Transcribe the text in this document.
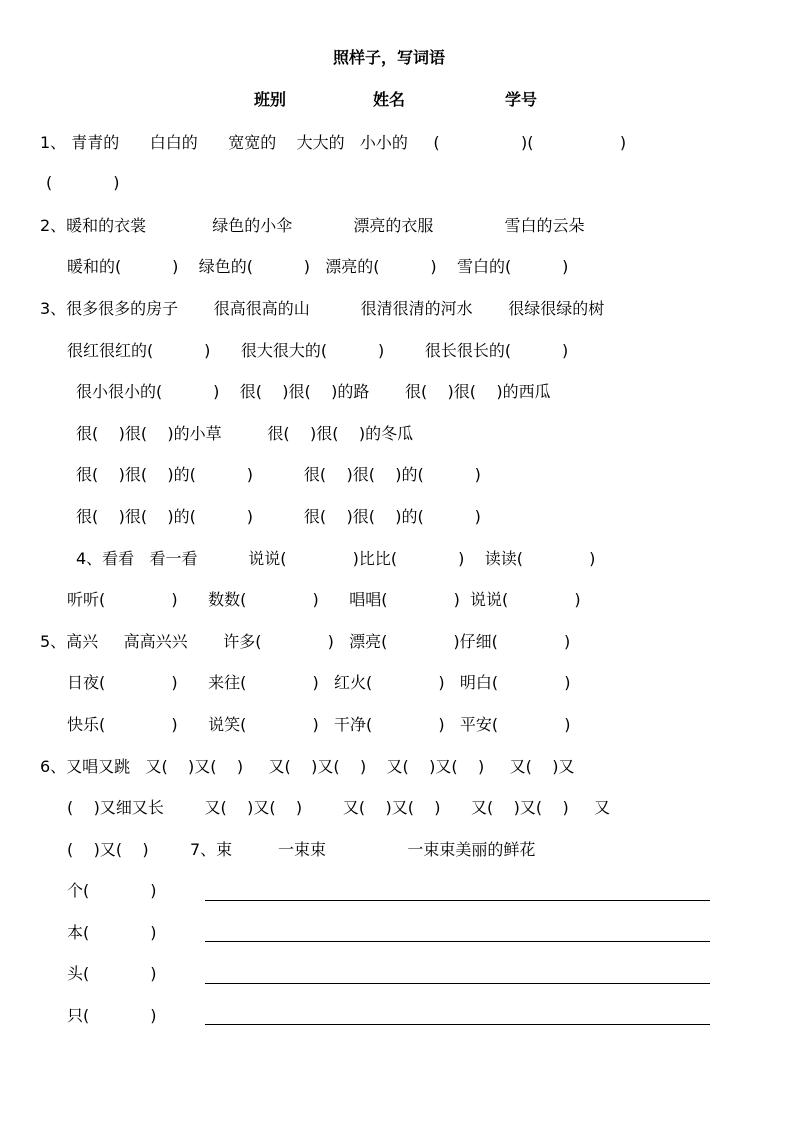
照样子，写词语
班别	姓名	学号
1、 青青的      白白的      宽宽的    大大的   小小的     (                )(                 )
(            )
2、暖和的衣裳             绿色的小伞            漂亮的衣服              雪白的云朵
暖和的(          )    绿色的(          )   漂亮的(          )    雪白的(          )
3、很多很多的房子       很高很高的山          很清很清的河水       很绿很绿的树
很红很红的(          )      很大很大的(          )        很长很长的(          )
很小很小的(          )    很(    )很(    )的路       很(    )很(    )的西瓜
很(    )很(    )的小草         很(    )很(    )的冬瓜
很(    )很(    )的(          )          很(    )很(    )的(          )
很(    )很(    )的(          )          很(    )很(    )的(          )
4、看看   看一看          说说(             )比比(            )    读读(             )
听听(             )      数数(             )      唱唱(             )  说说(             )
5、高兴     高高兴兴       许多(             )   漂亮(             )仔细(             )
日夜(             )      来往(             )   红火(             )   明白(             )
快乐(             )      说笑(             )   干净(             )   平安(             )
6、又唱又跳   又(    )又(    )     又(    )又(    )    又(    )又(    )     又(    )又
(    )又细又长        又(    )又(    )        又(    )又(    )      又(    )又(    )     又
(    )又(    )	7、束         一束束                一束束美丽的鲜花
个(            )
本(            )
头(            )
只(            )
